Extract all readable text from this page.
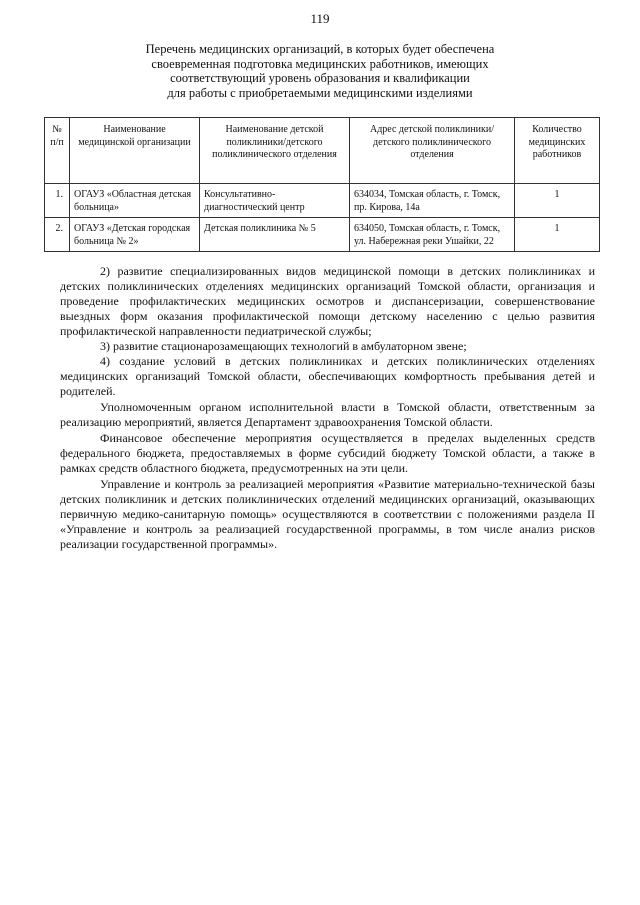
119
Перечень медицинских организаций, в которых будет обеспечена
своевременная подготовка медицинских работников, имеющих
соответствующий уровень образования и квалификации
для работы с приобретаемыми медицинскими изделиями
№ п/п	Наименование медицинской организации	Наименование детской поликлиники/детского поликлинического отделения	Адрес детской поликлиники/детского поликлинического отделения	Количество медицинских работников
1.	ОГАУЗ «Областная детская больница»	Консультативно-диагностический центр	634034, Томская область, г. Томск, пр. Кирова, 14а	1
2.	ОГАУЗ «Детская городская больница № 2»	Детская поликлиника № 5	634050, Томская область, г. Томск, ул. Набережная реки Ушайки, 22	1

2) развитие специализированных видов медицинской помощи в детских поликлиниках и детских поликлинических отделениях медицинских организаций Томской области, организация и проведение профилактических медицинских осмотров и диспансеризации, совершенствование выездных форм оказания профилактической помощи детскому населению с целью развития профилактической направленности педиатрической службы;

3) развитие стационарозамещающих технологий в амбулаторном звене;

4) создание условий в детских поликлиниках и детских поликлинических отделениях медицинских организаций Томской области, обеспечивающих комфортность пребывания детей и родителей.

Уполномоченным органом исполнительной власти в Томской области, ответственным за реализацию мероприятий, является Департамент здравоохранения Томской области.

Финансовое обеспечение мероприятия осуществляется в пределах выделенных средств федерального бюджета, предоставляемых в форме субсидий бюджету Томской области, а также в рамках средств областного бюджета, предусмотренных на эти цели.

Управление и контроль за реализацией мероприятия «Развитие материально-технической базы детских поликлиник и детских поликлинических отделений медицинских организаций, оказывающих первичную медико-санитарную помощь» осуществляются в соответствии с положениями раздела II «Управление и контроль за реализацией государственной программы, в том числе анализ рисков реализации государственной программы».
